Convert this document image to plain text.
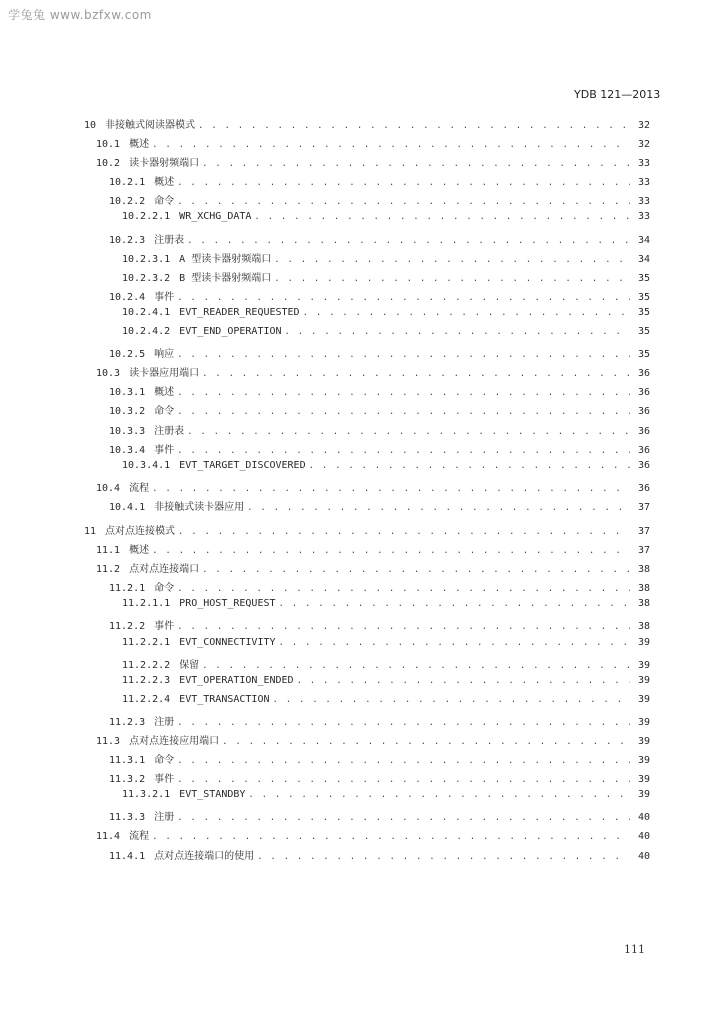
学兔兔 www.bzfxw.com
YDB 121—2013
10 非接触式阅读器模式 . . .	32
10.1 概述 . . .	32
10.2 读卡器射频端口 . . .	33
10.2.1 概述 . . .	33
10.2.2 命令 . . .	33
10.2.2.1 WR_XCHG_DATA . . .	33
10.2.3 注册表 . . .	34
10.2.3.1 A 型读卡器射频端口 . . .	34
10.2.3.2 B 型读卡器射频端口 . . .	35
10.2.4 事件 . . .	35
10.2.4.1 EVT_READER_REQUESTED . . .	35
10.2.4.2 EVT_END_OPERATION . . .	35
10.2.5 响应 . . .	35
10.3 读卡器应用端口 . . .	36
10.3.1 概述 . . .	36
10.3.2 命令 . . .	36
10.3.3 注册表 . . .	36
10.3.4 事件 . . .	36
10.3.4.1 EVT_TARGET_DISCOVERED . . .	36
10.4 流程 . . .	36
10.4.1 非接触式读卡器应用 . . .	37
11 点对点连接模式 . . .	37
11.1 概述 . . .	37
11.2 点对点连接端口 . . .	38
11.2.1 命令 . . .	38
11.2.1.1 PRO_HOST_REQUEST . . .	38
11.2.2 事件 . . .	38
11.2.2.1 EVT_CONNECTIVITY . . .	39
11.2.2.2 保留 . . .	39
11.2.2.3 EVT_OPERATION_ENDED . . .	39
11.2.2.4 EVT_TRANSACTION . . .	39
11.2.3 注册 . . .	39
11.3 点对点连接应用端口 . . .	39
11.3.1 命令 . . .	39
11.3.2 事件 . . .	39
11.3.2.1 EVT_STANDBY . . .	39
11.3.3 注册 . . .	40
11.4 流程 . . .	40
11.4.1 点对点连接端口的使用 . . .	40
111
